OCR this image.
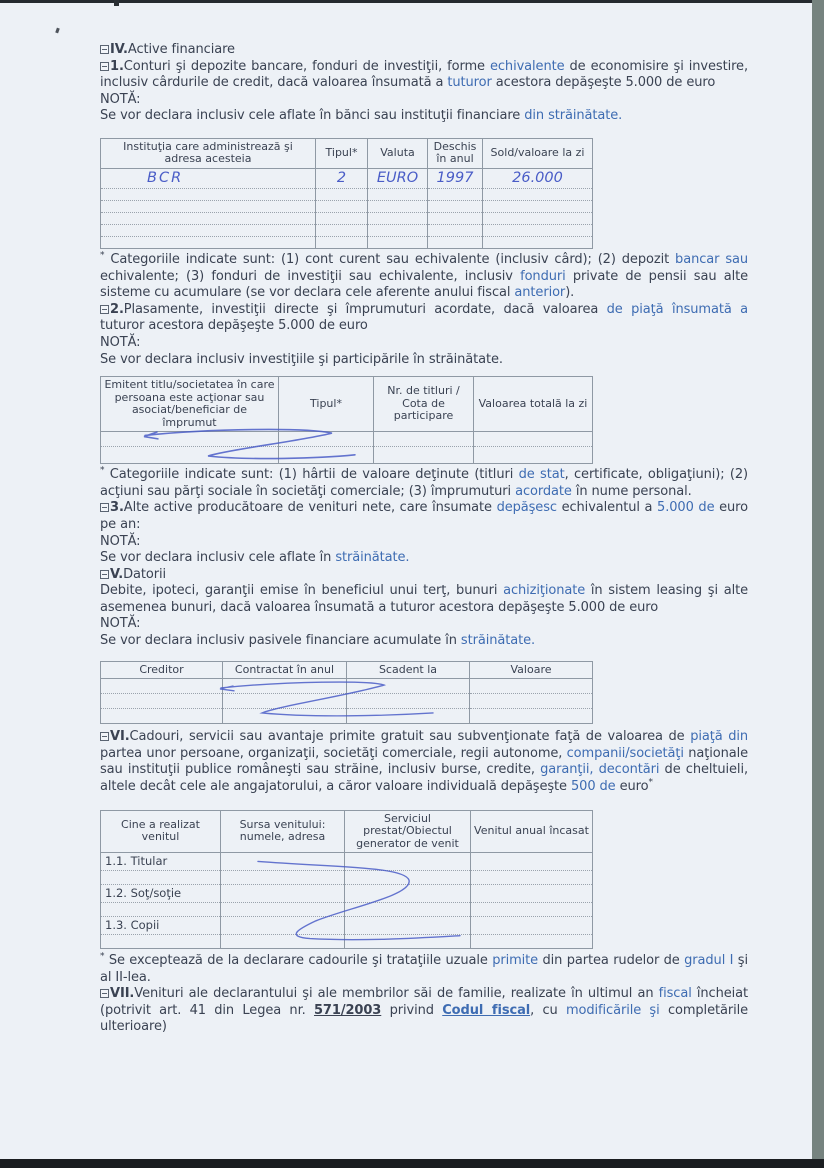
IV.Active financiare

1.Conturi şi depozite bancare, fonduri de investiţii, forme echivalente de economisire şi investire, inclusiv cârdurile de credit, dacă valoarea însumată a tuturor acestora depăşeşte 5.000 de euro

NOTĂ:

Se vor declara inclusiv cele aflate în bănci sau instituţii financiare din străinătate.

Instituţia care administrează şi adresa acesteia	Tipul*	Valuta	Deschis în anul	Sold/valoare la zi
BCR	2	EURO	1997	26.000

* Categoriile indicate sunt: (1) cont curent sau echivalente (inclusiv cârd); (2) depozit bancar sau echivalente; (3) fonduri de investiţii sau echivalente, inclusiv fonduri private de pensii sau alte sisteme cu acumulare (se vor declara cele aferente anului fiscal anterior).

2.Plasamente, investiţii directe şi împrumuturi acordate, dacă valoarea de piaţă însumată a tuturor acestora depăşeşte 5.000 de euro

NOTĂ:

Se vor declara inclusiv investiţiile şi participările în străinătate.

Emitent titlu/societatea în care persoana este acţionar sau asociat/beneficiar de împrumut	Tipul*	Nr. de titluri / Cota de participare	Valoarea totală la zi

* Categoriile indicate sunt: (1) hârtii de valoare deţinute (titluri de stat, certificate, obligaţiuni); (2) acţiuni sau părţi sociale în societăţi comerciale; (3) împrumuturi acordate în nume personal.

3.Alte active producătoare de venituri nete, care însumate depăşesc echivalentul a 5.000 de euro pe an:

NOTĂ:

Se vor declara inclusiv cele aflate în străinătate.

V.Datorii

Debite, ipoteci, garanţii emise în beneficiul unui terţ, bunuri achiziţionate în sistem leasing şi alte asemenea bunuri, dacă valoarea însumată a tuturor acestora depăşeşte 5.000 de euro

NOTĂ:

Se vor declara inclusiv pasivele financiare acumulate în străinătate.

Creditor	Contractat în anul	Scadent la	Valoare

VI.Cadouri, servicii sau avantaje primite gratuit sau subvenţionate faţă de valoarea de piaţă din partea unor persoane, organizaţii, societăţi comerciale, regii autonome, companii/societăţi naţionale sau instituţii publice româneşti sau străine, inclusiv burse, credite, garanţii, decontări de cheltuieli, altele decât cele ale angajatorului, a căror valoare individuală depăşeşte 500 de euro*

Cine a realizat venitul	Sursa venitului: numele, adresa	Serviciul prestat/Obiectul generator de venit	Venitul anual încasat
1.1. Titular			

1.2. Soţ/soţie			

1.3. Copii			

* Se exceptează de la declarare cadourile şi trataţiile uzuale primite din partea rudelor de gradul I şi al II-lea.

VII.Venituri ale declarantului şi ale membrilor săi de familie, realizate în ultimul an fiscal încheiat (potrivit art. 41 din Legea nr. 571/2003 privind Codul fiscal, cu modificările şi completările ulterioare)
